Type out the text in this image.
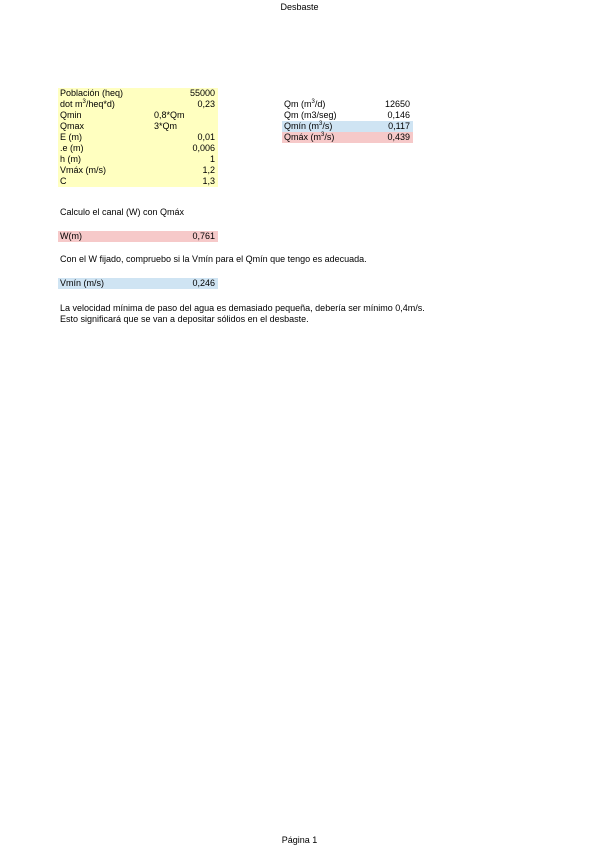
Desbaste
Población (heq)	55000
dot $m^3/heq*d$)	0,23
Qmin	0,8*Qm
Qmax	3*Qm
E (m)	0,01
.e (m)	0,006
h (m)	1
Vmáx (m/s)	1,2
C	1,3
Qm $(m^3/d)$	12650
Qm (m3/seg)	0,146
Qmín $(m^3/s)$	0,117
Qmáx $(m^3/s)$	0,439
Calculo el canal (W) con Qmáx
W(m)	0,761
Con el W fijado, compruebo si la Vmín para el Qmín que tengo es adecuada.
Vmín (m/s)	0,246
La velocidad mínima de paso del agua es demasiado pequeña, debería ser mínimo 0,4m/s.
Esto significará que se van a depositar sólidos en el desbaste.
Página 1
